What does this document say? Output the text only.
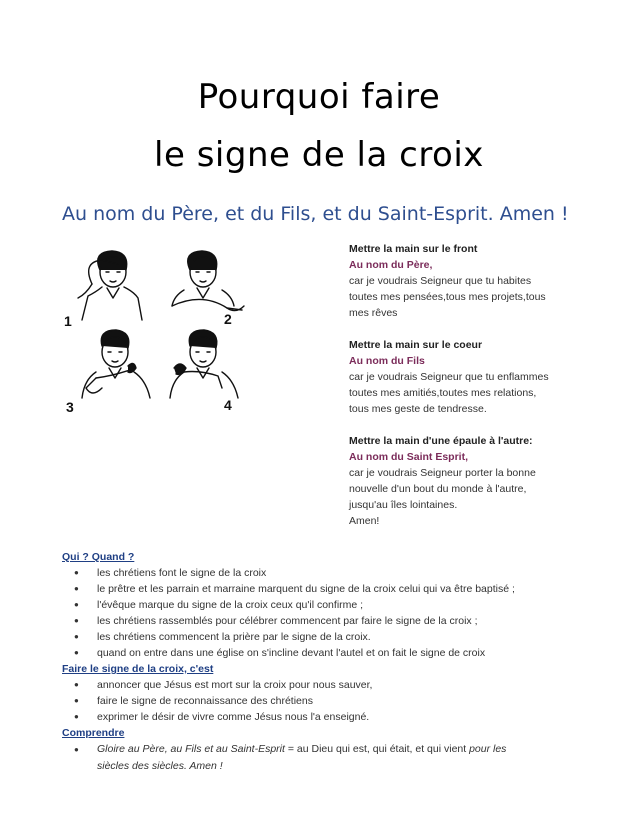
Pourquoi faire
le signe de la croix
Au nom du Père, et du Fils, et du Saint-Esprit. Amen !
1	2
3	4
Mettre la main sur le front
Au nom du Père,
car je voudrais Seigneur que tu habites
toutes mes pensées,tous mes projets,tous
mes rêves
Mettre la main sur le coeur
Au nom du Fils
car je voudrais Seigneur que tu enflammes
toutes mes amitiés,toutes mes relations,
tous mes geste de tendresse.
Mettre la main d'une épaule à l'autre:
Au nom du Saint Esprit,
car je voudrais Seigneur porter la bonne
nouvelle d'un bout du monde à l'autre,
jusqu'au îles lointaines.
Amen!
Qui ? Quand ?
● les chrétiens font le signe de la croix
● le prêtre et les parrain et marraine marquent du signe de la croix celui qui va être baptisé ;
● l'évêque marque du signe de la croix ceux qu'il confirme ;
● les chrétiens rassemblés pour célébrer commencent par faire le signe de la croix ;
● les chrétiens commencent la prière par le signe de la croix.
● quand on entre dans une église on s'incline devant l'autel et on fait le signe de croix
Faire le signe de la croix, c'est
● annoncer que Jésus est mort sur la croix pour nous sauver,
● faire le signe de reconnaissance des chrétiens
● exprimer le désir de vivre comme Jésus nous l'a enseigné.
Comprendre
● Gloire au Père, au Fils et au Saint-Esprit = au Dieu qui est, qui était, et qui vient pour les
siècles des siècles. Amen !
